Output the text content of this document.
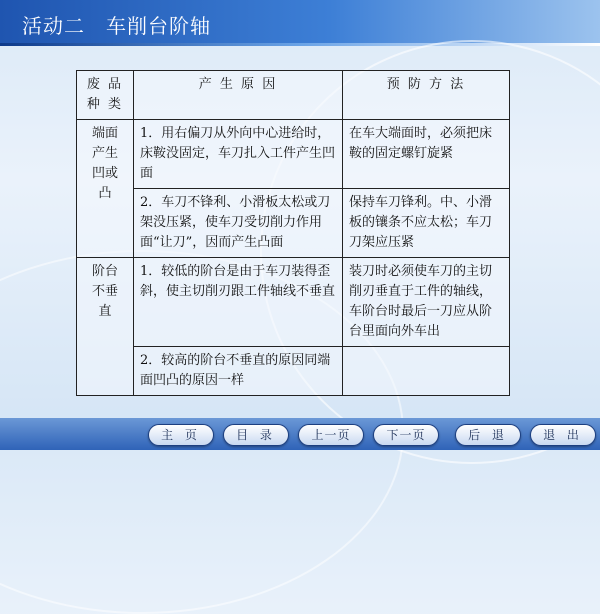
活动二　车削台阶轴
废 品
种 类	产 生 原 因	预 防 方 法
端面
产生
凹或
凸	1．用右偏刀从外向中心进给时，床鞍没固定，车刀扎入工件产生凹面	在车大端面时，必须把床鞍的固定螺钉旋紧
	2．车刀不锋利、小滑板太松或刀架没压紧，使车刀受切削力作用面“让刀”，因而产生凸面	保持车刀锋利。中、小滑板的镶条不应太松；车刀刀架应压紧
阶台
不垂
直	1．较低的阶台是由于车刀装得歪斜，使主切削刃跟工件轴线不垂直	装刀时必须使车刀的主切削刃垂直于工件的轴线，车阶台时最后一刀应从阶台里面向外车出
	2．较高的阶台不垂直的原因同端面凹凸的原因一样	
主 页	目 录	上一页	下一页	后 退	退 出
